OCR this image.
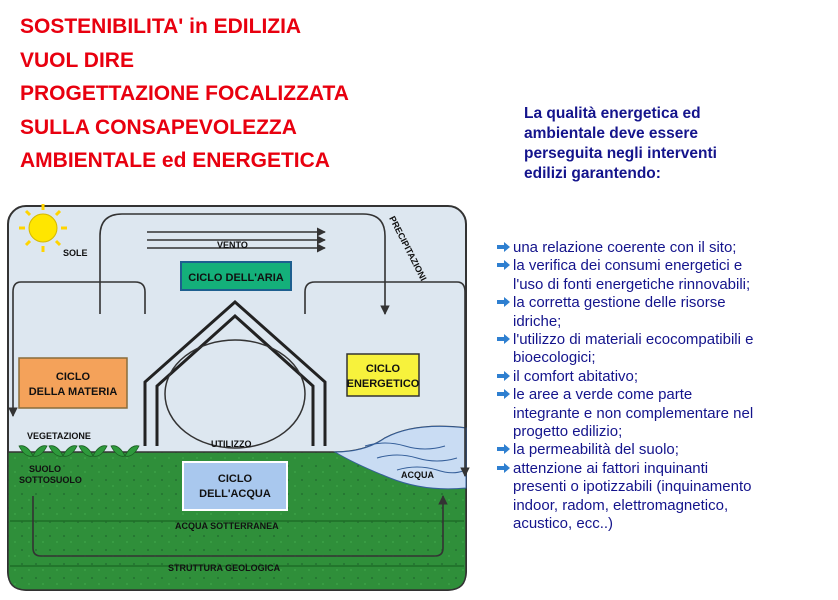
SOSTENIBILITA' in EDILIZIA
VUOL DIRE
PROGETTAZIONE FOCALIZZATA
SULLA CONSAPEVOLEZZA
AMBIENTALE ed ENERGETICA
La qualità energetica ed
ambientale deve essere
perseguita negli interventi
edilizi garantendo:
una relazione coerente con il sito;
la verifica dei consumi energetici e
l'uso di fonti energetiche rinnovabili;
la corretta gestione delle risorse
idriche;
l'utilizzo di materiali ecocompatibili e
bioecologici;
il comfort abitativo;
le aree a verde come parte
integrante e non complementare nel
progetto edilizio;
la permeabilità del suolo;
attenzione ai fattori inquinanti
presenti o ipotizzabili (inquinamento
indoor, radom, elettromagnetico,
acustico, ecc..)
CICLO DELL'ARIA
CICLO
DELLA MATERIA
CICLO
ENERGETICO
CICLO
DELL'ACQUA
SOLE
VENTO	PRECIPITAZIONI
VEGETAZIONE
UTILIZZO
SUOLO
SOTTOSUOLO	ACQUA
ACQUA SOTTERRANEA
STRUTTURA GEOLOGICA
